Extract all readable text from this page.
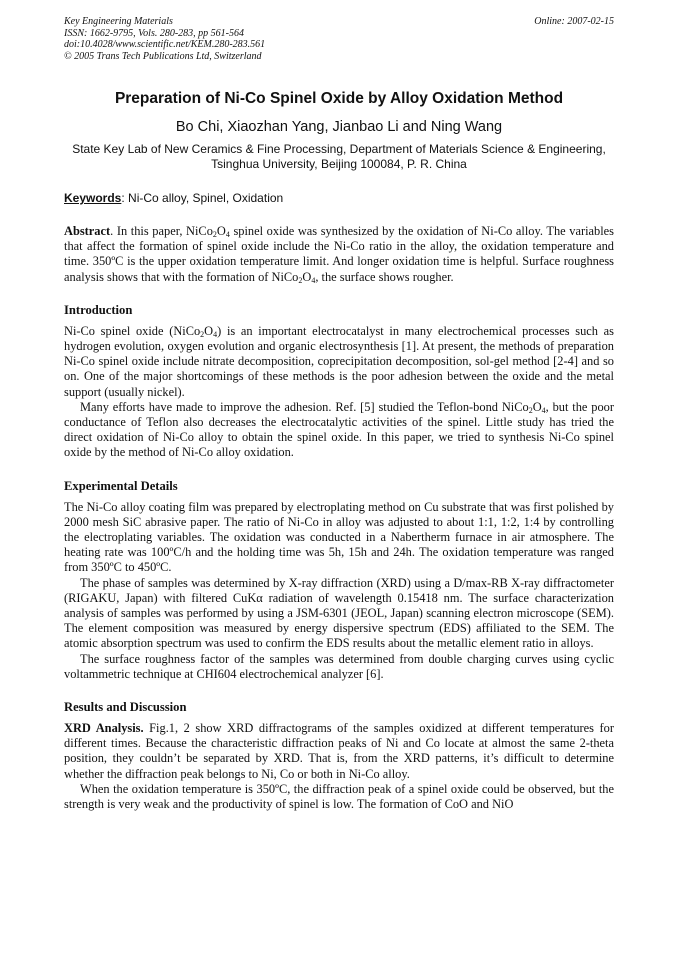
Key Engineering Materials
ISSN: 1662-9795, Vols. 280-283, pp 561-564
doi:10.4028/www.scientific.net/KEM.280-283.561
© 2005 Trans Tech Publications Ltd, Switzerland
Online: 2007-02-15
Preparation of Ni-Co Spinel Oxide by Alloy Oxidation Method
Bo Chi, Xiaozhan Yang, Jianbao Li and Ning Wang
State Key Lab of New Ceramics & Fine Processing, Department of Materials Science & Engineering,
Tsinghua University, Beijing 100084, P. R. China
Keywords: Ni-Co alloy, Spinel, Oxidation

Abstract. In this paper, $NiCo_2O_4$ spinel oxide was synthesized by the oxidation of Ni-Co alloy. The variables that affect the formation of spinel oxide include the Ni-Co ratio in the alloy, the oxidation temperature and time. 350ºC is the upper oxidation temperature limit. And longer oxidation time is helpful. Surface roughness analysis shows that with the formation of $NiCo_2O_4$, the surface shows rougher.

Introduction

Ni-Co spinel oxide $(NiCo_2O_4)$ is an important electrocatalyst in many electrochemical processes such as hydrogen evolution, oxygen evolution and organic electrosynthesis [1]. At present, the methods of preparation Ni-Co spinel oxide include nitrate decomposition, coprecipitation decomposition, sol-gel method [2-4] and so on. One of the major shortcomings of these methods is the poor adhesion between the oxide and the metal support (usually nickel).

Many efforts have made to improve the adhesion. Ref. [5] studied the Teflon-bond $NiCo_2O_4$, but the poor conductance of Teflon also decreases the electrocatalytic activities of the spinel. Little study has tried the direct oxidation of Ni-Co alloy to obtain the spinel oxide. In this paper, we tried to synthesis Ni-Co spinel oxide by the method of Ni-Co alloy oxidation.

Experimental Details

The Ni-Co alloy coating film was prepared by electroplating method on Cu substrate that was first polished by 2000 mesh SiC abrasive paper. The ratio of Ni-Co in alloy was adjusted to about 1:1, 1:2, 1:4 by controlling the electroplating variables. The oxidation was conducted in a Nabertherm furnace in air atmosphere. The heating rate was 100ºC/h and the holding time was 5h, 15h and 24h. The oxidation temperature was ranged from 350ºC to 450ºC.

The phase of samples was determined by X-ray diffraction (XRD) using a D/max-RB X-ray diffractometer (RIGAKU, Japan) with filtered CuKα radiation of wavelength 0.15418 nm. The surface characterization analysis of samples was performed by using a JSM-6301 (JEOL, Japan) scanning electron microscope (SEM). The element composition was measured by energy dispersive spectrum (EDS) affiliated to the SEM. The atomic absorption spectrum was used to confirm the EDS results about the metallic element ratio in alloys.

The surface roughness factor of the samples was determined from double charging curves using cyclic voltammetric technique at CHI604 electrochemical analyzer [6].

Results and Discussion

XRD Analysis. Fig.1, 2 show XRD diffractograms of the samples oxidized at different temperatures for different times. Because the characteristic diffraction peaks of Ni and Co locate at almost the same 2-theta position, they couldn’t be separated by XRD. That is, from the XRD patterns, it’s difficult to determine whether the diffraction peak belongs to Ni, Co or both in Ni-Co alloy.

When the oxidation temperature is 350ºC, the diffraction peak of a spinel oxide could be observed, but the strength is very weak and the productivity of spinel is low. The formation of CoO and NiO
